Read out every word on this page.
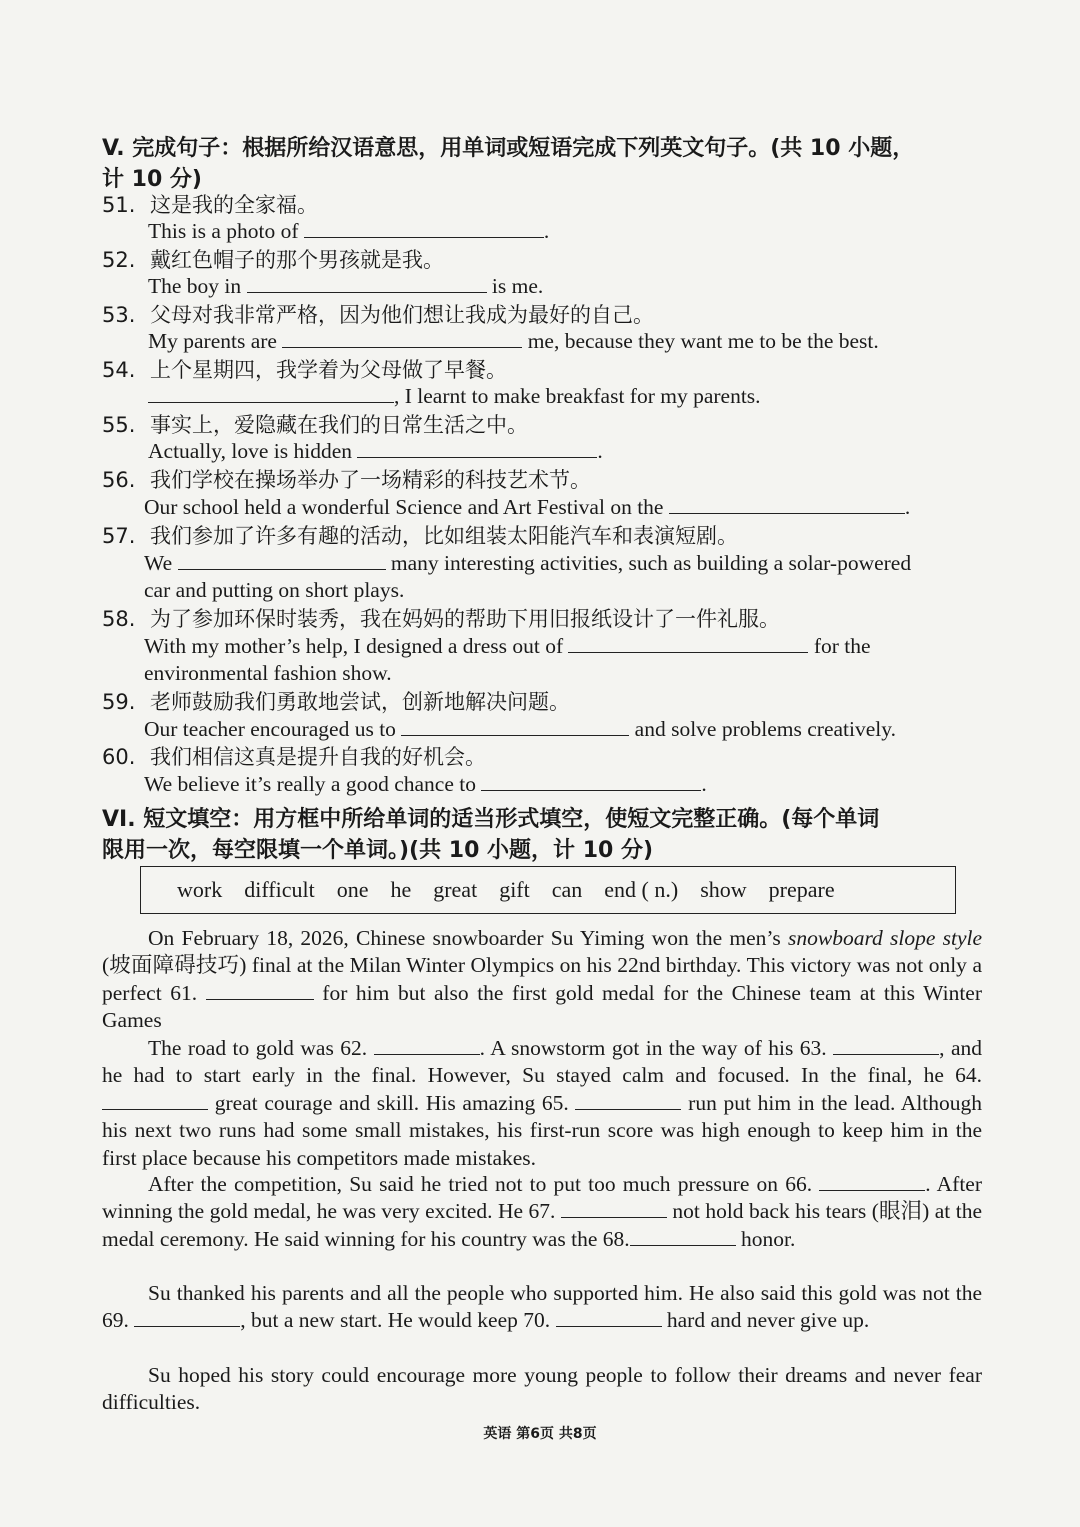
V. 完成句子：根据所给汉语意思，用单词或短语完成下列英文句子。(共 10 小题，
计 10 分)
51. 这是我的全家福。
This is a photo of	.
52. 戴红色帽子的那个男孩就是我。
The boy in	is me.
53. 父母对我非常严格，因为他们想让我成为最好的自己。
My parents are	me, because they want me to be the best.
54. 上个星期四，我学着为父母做了早餐。
, I learnt to make breakfast for my parents.
55. 事实上，爱隐藏在我们的日常生活之中。
Actually, love is hidden	.
56. 我们学校在操场举办了一场精彩的科技艺术节。
Our school held a wonderful Science and Art Festival on the	.
57. 我们参加了许多有趣的活动，比如组装太阳能汽车和表演短剧。
We	many interesting activities, such as building a solar-powered
car and putting on short plays.
58. 为了参加环保时装秀，我在妈妈的帮助下用旧报纸设计了一件礼服。
With my mother’s help, I designed a dress out of	for the
environmental fashion show.
59. 老师鼓励我们勇敢地尝试，创新地解决问题。
Our teacher encouraged us to	and solve problems creatively.
60. 我们相信这真是提升自我的好机会。
We believe it’s really a good chance to	.
VI. 短文填空：用方框中所给单词的适当形式填空，使短文完整正确。(每个单词
限用一次，每空限填一个单词。)(共 10 小题，计 10 分)
work difficult one he great gift can end ( n.) show prepare
On February 18, 2026, Chinese snowboarder Su Yiming won the men’s snowboard slope style (坡面障碍技巧) final at the Milan Winter Olympics on his 22nd birthday. This victory was not only a perfect 61.	for him but also the first gold medal for the Chinese team at this Winter Games
The road to gold was 62.	. A snowstorm got in the way of his 63.	, and he had to start early in the final. However, Su stayed calm and focused. In the final, he 64.  great courage and skill. His amazing 65.	run put him in the lead. Although his next two runs had some small mistakes, his first-run score was high enough to keep him in the first place because his competitors made mistakes.
After the competition, Su said he tried not to put too much pressure on 66.	. After winning the gold medal, he was very excited. He 67.	not hold back his tears (眼泪) at the medal ceremony. He said winning for his country was the 68.	honor.
Su thanked his parents and all the people who supported him. He also said this gold was not the 69.	, but a new start. He would keep 70.	hard and never give up.
Su hoped his story could encourage more young people to follow their dreams and never fear difficulties.
英语 第6页 共8页
